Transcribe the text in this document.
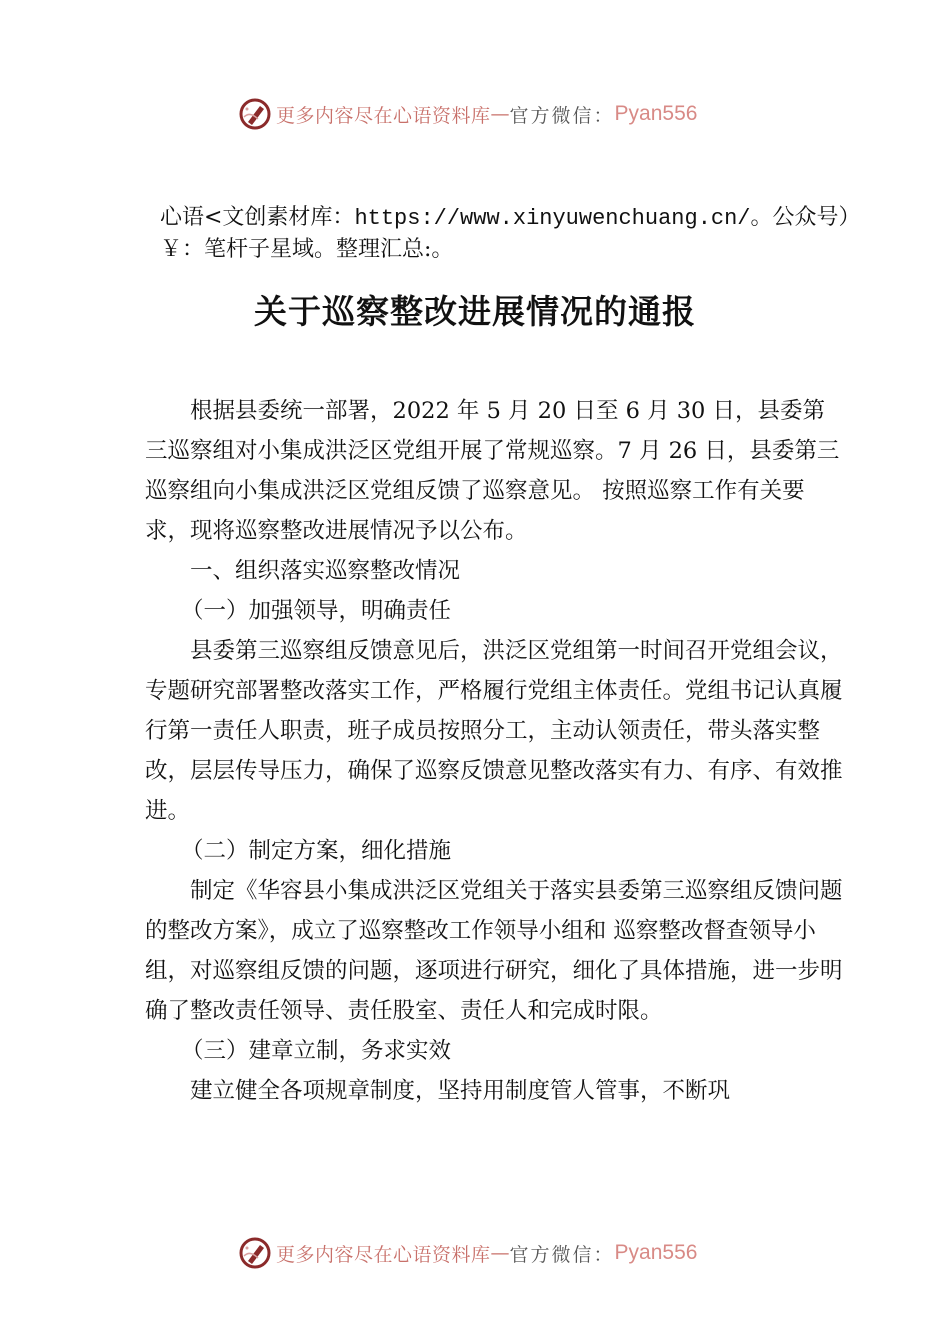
更多内容尽在心语资料库 — 官方微信： Pyan556
心语<文创素材库：https://www.xinyuwenchuang.cn/。公众号）￥：笔杆子星域。整理汇总:。
关于巡察整改进展情况的通报

根据县委统一部署，2022 年 5 月 20 日至 6 月 30 日，县委第三巡察组对小集成洪泛区党组开展了常规巡察。7 月 26 日，县委第三巡察组向小集成洪泛区党组反馈了巡察意见。 按照巡察工作有关要求，现将巡察整改进展情况予以公布。

一、组织落实巡察整改情况

（一）加强领导，明确责任

县委第三巡察组反馈意见后，洪泛区党组第一时间召开党组会议，专题研究部署整改落实工作，严格履行党组主体责任。党组书记认真履行第一责任人职责，班子成员按照分工，主动认领责任，带头落实整改，层层传导压力，确保了巡察反馈意见整改落实有力、有序、有效推进。

（二）制定方案，细化措施

制定《华容县小集成洪泛区党组关于落实县委第三巡察组反馈问题的整改方案》，成立了巡察整改工作领导小组和 巡察整改督查领导小组，对巡察组反馈的问题，逐项进行研究，细化了具体措施，进一步明确了整改责任领导、责任股室、责任人和完成时限。

（三）建章立制，务求实效

建立健全各项规章制度，坚持用制度管人管事，不断巩

更多内容尽在心语资料库 — 官方微信： Pyan556
